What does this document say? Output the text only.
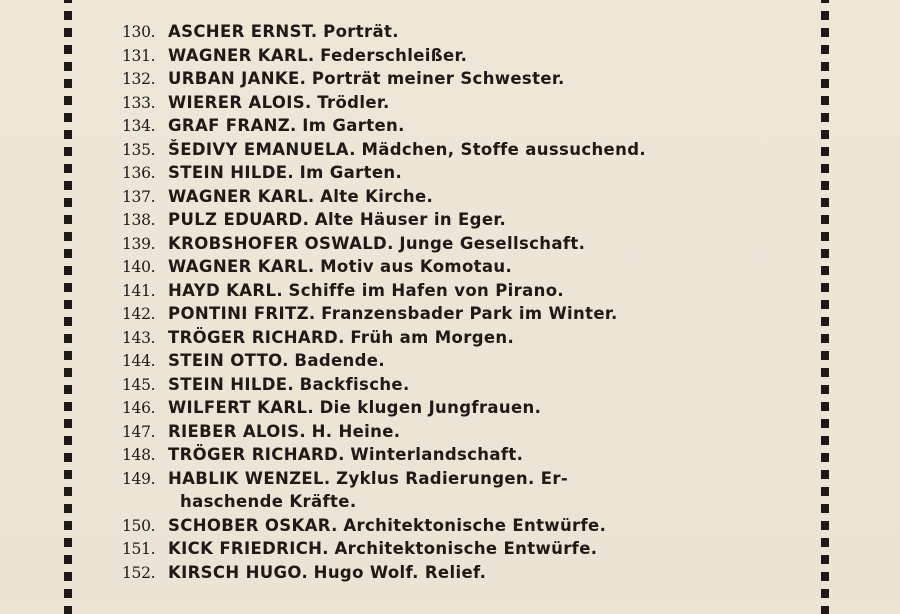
130. ASCHER ERNST. Porträt.
131. WAGNER KARL. Federschleißer.
132. URBAN JANKE. Porträt meiner Schwester.
133. WIERER ALOIS. Trödler.
134. GRAF FRANZ. Im Garten.
135. ŠEDIVY EMANUELA. Mädchen, Stoffe aussuchend.
136. STEIN HILDE. Im Garten.
137. WAGNER KARL. Alte Kirche.
138. PULZ EDUARD. Alte Häuser in Eger.
139. KROBSHOFER OSWALD. Junge Gesellschaft.
140. WAGNER KARL. Motiv aus Komotau.
141. HAYD KARL. Schiffe im Hafen von Pirano.
142. PONTINI FRITZ. Franzensbader Park im Winter.
143. TRÖGER RICHARD. Früh am Morgen.
144. STEIN OTTO. Badende.
145. STEIN HILDE. Backfische.
146. WILFERT KARL. Die klugen Jungfrauen.
147. RIEBER ALOIS. H. Heine.
148. TRÖGER RICHARD. Winterlandschaft.
149. HABLIK WENZEL. Zyklus Radierungen. Er-
haschende Kräfte.
150. SCHOBER OSKAR. Architektonische Entwürfe.
151. KICK FRIEDRICH. Architektonische Entwürfe.
152. KIRSCH HUGO. Hugo Wolf. Relief.
